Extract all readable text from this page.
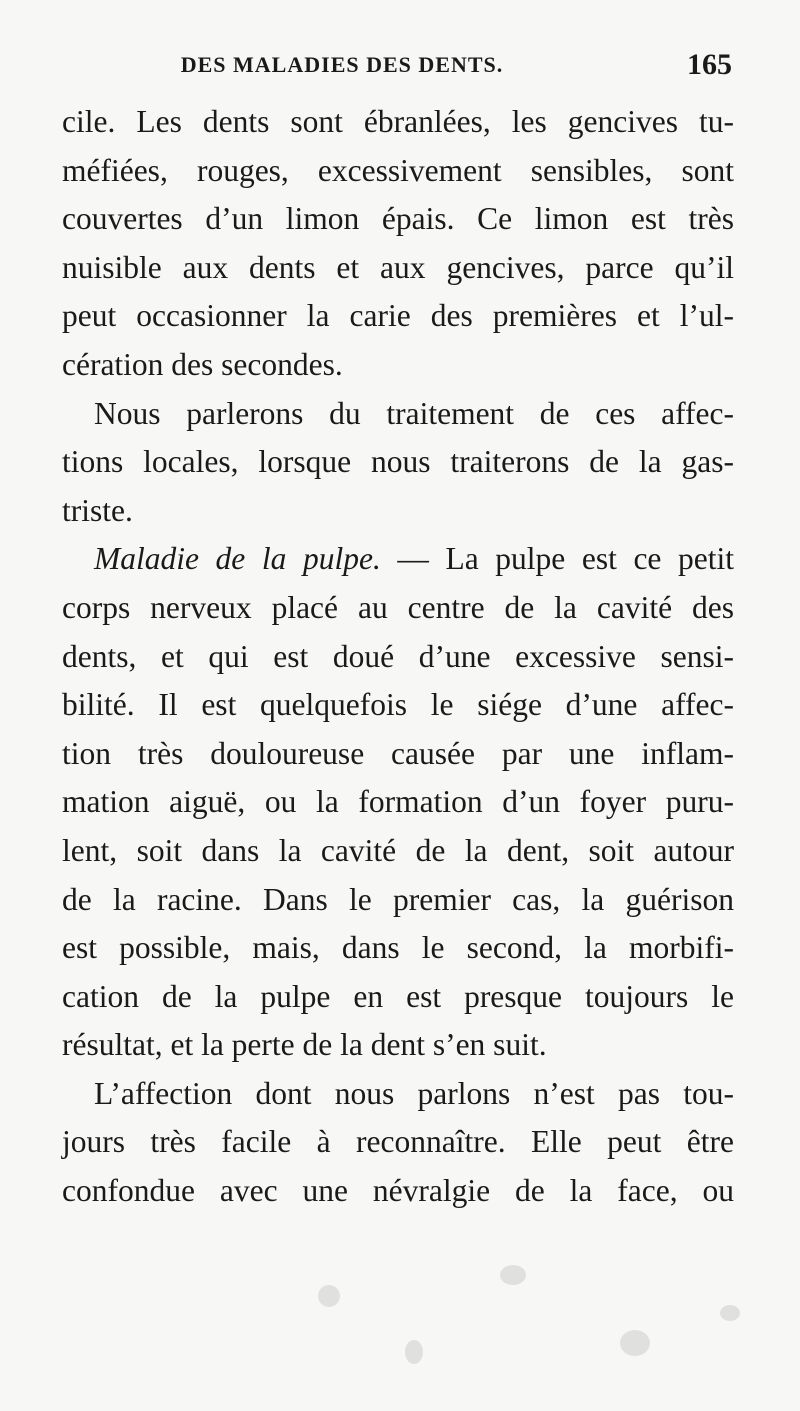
DES MALADIES DES DENTS.	165
cile. Les dents sont ébranlées, les gencives tu-
méfiées, rouges, excessivement sensibles, sont
couvertes d’un limon épais. Ce limon est très
nuisible aux dents et aux gencives, parce qu’il
peut occasionner la carie des premières et l’ul-
cération des secondes.
Nous parlerons du traitement de ces affec-
tions locales, lorsque nous traiterons de la gas-
triste.
Maladie de la pulpe. — La pulpe est ce petit
corps nerveux placé au centre de la cavité des
dents, et qui est doué d’une excessive sensi-
bilité. Il est quelquefois le siége d’une affec-
tion très douloureuse causée par une inflam-
mation aiguë, ou la formation d’un foyer puru-
lent, soit dans la cavité de la dent, soit autour
de la racine. Dans le premier cas, la guérison
est possible, mais, dans le second, la morbifi-
cation de la pulpe en est presque toujours le
résultat, et la perte de la dent s’en suit.
L’affection dont nous parlons n’est pas tou-
jours très facile à reconnaître. Elle peut être
confondue avec une névralgie de la face, ou
